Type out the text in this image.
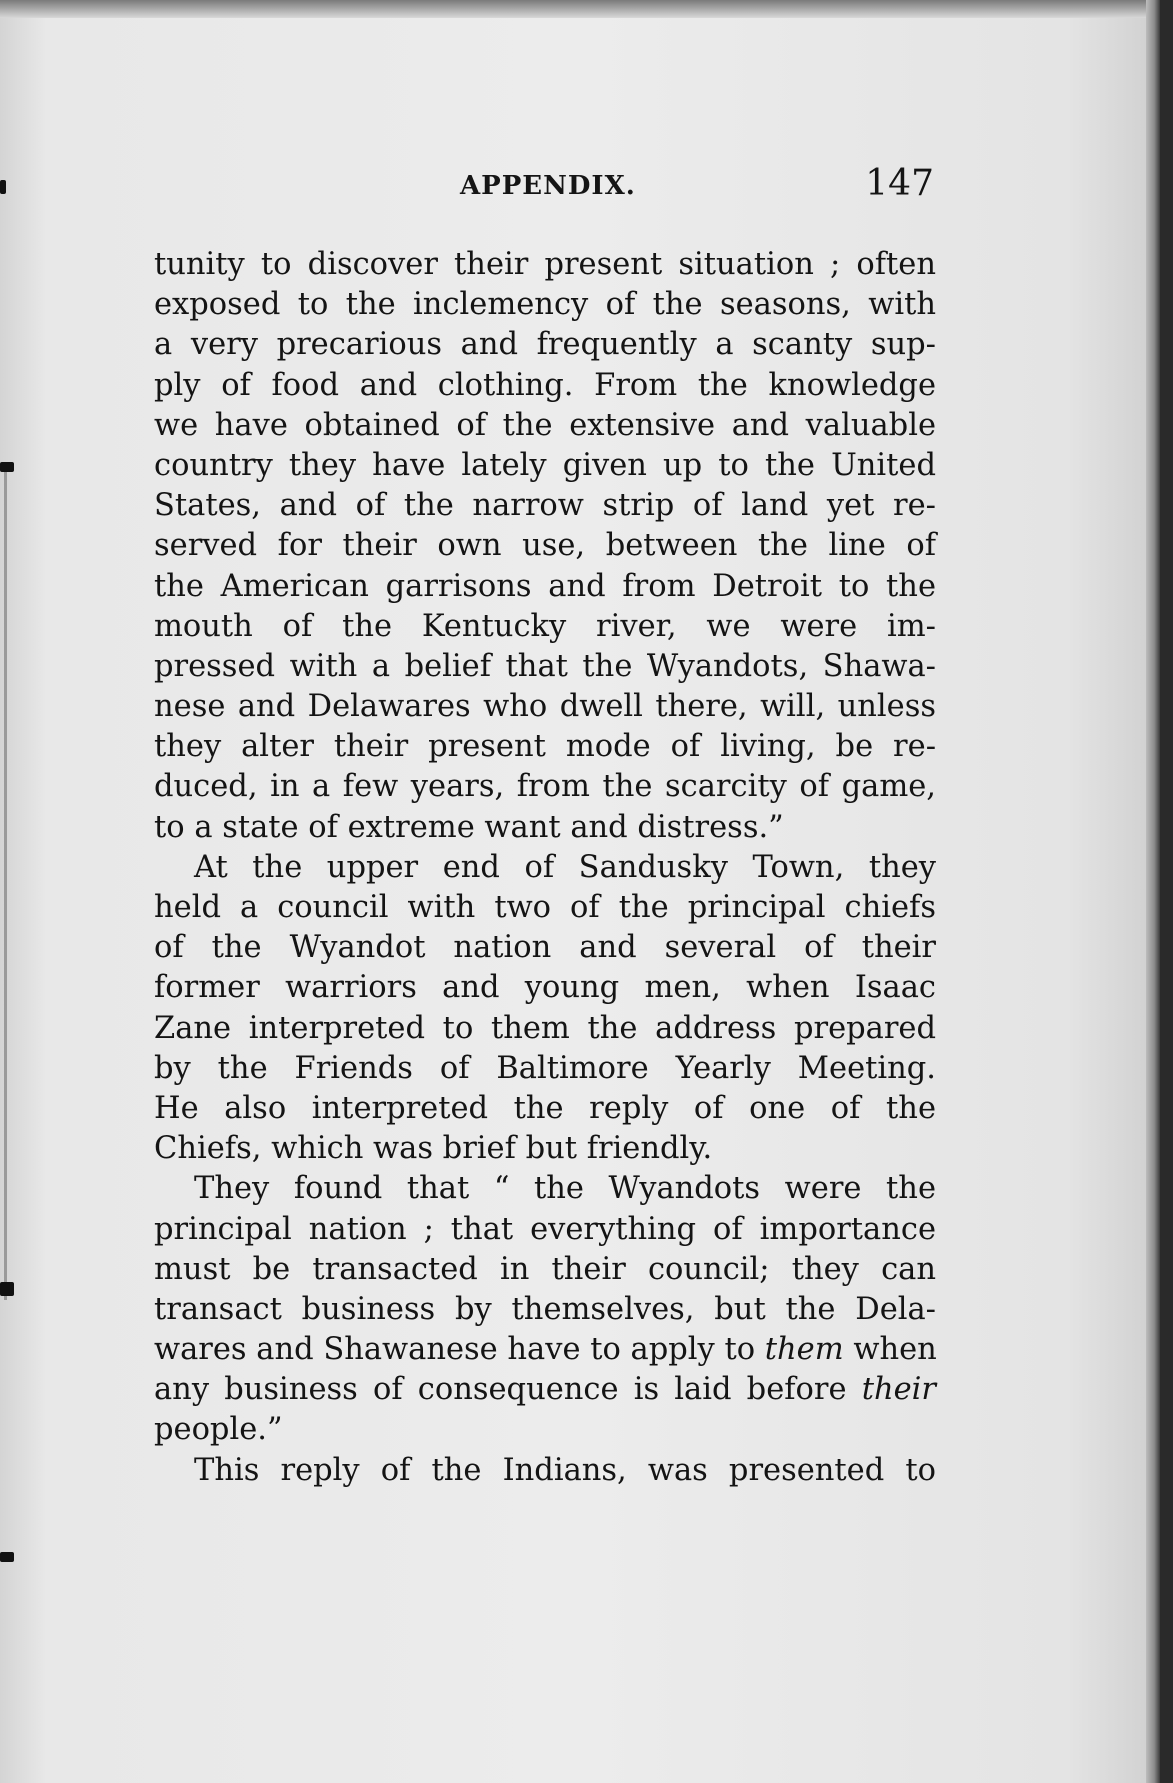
APPENDIX.	147
tunity to discover their present situation ; often
exposed to the inclemency of the seasons, with
a very precarious and frequently a scanty sup-
ply of food and clothing. From the knowledge
we have obtained of the extensive and valuable
country they have lately given up to the United
States, and of the narrow strip of land yet re-
served for their own use, between the line of
the American garrisons and from Detroit to the
mouth of the Kentucky river, we were im-
pressed with a belief that the Wyandots, Shawa-
nese and Delawares who dwell there, will, unless
they alter their present mode of living, be re-
duced, in a few years, from the scarcity of game,
to a state of extreme want and distress.”
At the upper end of Sandusky Town, they
held a council with two of the principal chiefs
of the Wyandot nation and several of their
former warriors and young men, when Isaac
Zane interpreted to them the address prepared
by the Friends of Baltimore Yearly Meeting.
He also interpreted the reply of one of the
Chiefs, which was brief but friendly.
They found that “ the Wyandots were the
principal nation ; that everything of importance
must be transacted in their council; they can
transact business by themselves, but the Dela-
wares and Shawanese have to apply to them when
any business of consequence is laid before their
people.”
This reply of the Indians, was presented to
